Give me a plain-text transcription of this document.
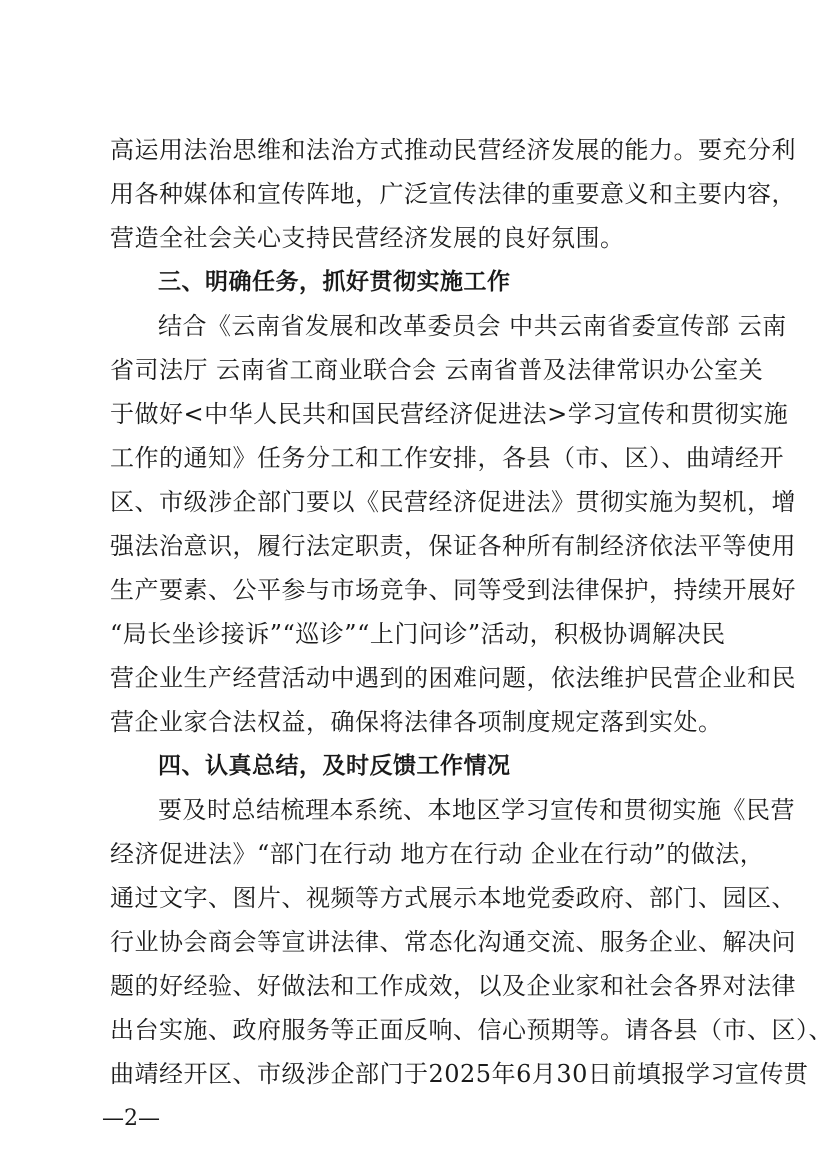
高运用法治思维和法治方式推动民营经济发展的能力。要充分利
用各种媒体和宣传阵地，广泛宣传法律的重要意义和主要内容，
营造全社会关心支持民营经济发展的良好氛围。
三、明确任务，抓好贯彻实施工作
结合《云南省发展和改革委员会 中共云南省委宣传部 云南
省司法厅 云南省工商业联合会 云南省普及法律常识办公室关
于做好<中华人民共和国民营经济促进法>学习宣传和贯彻实施
工作的通知》任务分工和工作安排，各县（市、区）、曲靖经开
区、市级涉企部门要以《民营经济促进法》贯彻实施为契机，增
强法治意识，履行法定职责，保证各种所有制经济依法平等使用
生产要素、公平参与市场竞争、同等受到法律保护，持续开展好
“局长坐诊接诉”“巡诊”“上门问诊”活动，积极协调解决民
营企业生产经营活动中遇到的困难问题，依法维护民营企业和民
营企业家合法权益，确保将法律各项制度规定落到实处。
四、认真总结，及时反馈工作情况
要及时总结梳理本系统、本地区学习宣传和贯彻实施《民营
经济促进法》“部门在行动 地方在行动 企业在行动”的做法，
通过文字、图片、视频等方式展示本地党委政府、部门、园区、
行业协会商会等宣讲法律、常态化沟通交流、服务企业、解决问
题的好经验、好做法和工作成效，以及企业家和社会各界对法律
出台实施、政府服务等正面反响、信心预期等。请各县（市、区）、
曲靖经开区、市级涉企部门于2025年6月30日前填报学习宣传贯
—2—
